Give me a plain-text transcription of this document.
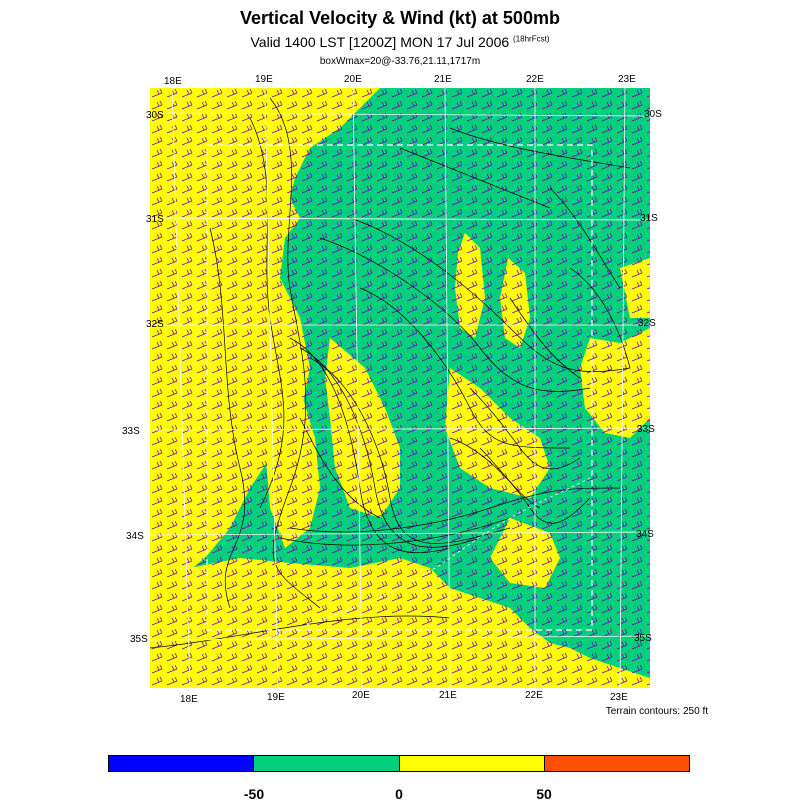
Vertical Velocity & Wind (kt) at 500mb
Valid 1400 LST [1200Z] MON 17 Jul 2006 $^{(18hrFcst)}$
boxWmax=20@-33.76,21.11,1717m
18E	19E	20E	21E	22E	23E
18E	19E	20E	21E	22E	23E
30S
31S
32S
33S
34S
35S
30S
31S
32S
33S
34S
35S
Terrain contours: 250 ft
-50	0	50
